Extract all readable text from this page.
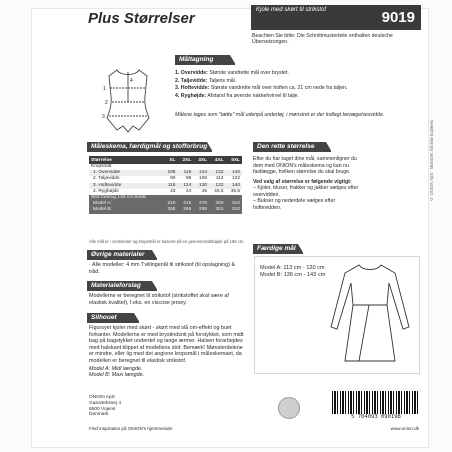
Plus Størrelser	Kjole med skørt til strikstof	9019
Beachten Sie bitte: Die Schnittmusterteile enthalten deutsche Übersetzungen.
Måltagning
1
2
3
4
1. Overvidde: Største vandrette mål over brystet.
2. Taljevidde: Taljens mål.
3. Hoftevidde: Største vandrette mål over hoften ca. 21 cm nede fra taljen.
4. Ryghøjde: Afstand fra øverste nakkehvirvel til talje.
Målene tages som "tætte" mål udenpå undertøj, i mønstret er der indlagt bevægelsesvidde.
Måleskema, færdigmål og stofforbrug
Størrelse	XL	2XL	3XL	4XL	5XL
Kropsmål:					
1. Overvidde	106	116	124	132	140
2. Taljevidde	90	98	106	114	122
3. Hoftevidde	116	124	130	132	140
4. Ryghøjde	43	44	45	45,5	46,5
Stof forbrug 140 cm bredt:					
Model A:	210	215	270	300	310
Model B:	255	265	295	301	310
Alle mål er i centimeter og kropsmål er baseret på en gennemsnitshøjde på 168 cm.
Den rette størrelse
Efter du har taget dine mål, sammenligner du dem med ONION's måleskema og kan nu fastlægge, hvilken størrelse du skal bruge.
Ved valg af størrelse er følgende vigtigt:
– Kjoler, bluser, frakker og jakker vælges efter overvidden.
– Bukser og nederdele vælges efter hoftevidden.
Øvrige materialer
· Alle modeller: 4 mm Tvillingenål til strikstof (til opslagning) & tråd.
Materialeforslag
Modellerne er beregnet til strikstof (strikstoffet skal være af elastisk kvalitet), f.eks. en viscose jersey.
Silhouet
Figursyet kjoler med skørt - skørt med slå om-effekt og buet forkanter. Modellerne er med brystindsnit på forstykket, som midt bag på bagstykket underdel og lange ærmer. Halsen forarbejdes med halskant klippet af modellens stof. Bemærk! Mønsterdelene er mindre, eller lig med det angivne kropsmål i måleskemaet, da modellen er beregnet til elastisk strikstof.
Model A: Midi længde.
Model B: Maxi længde.
Færdige mål
Model A: 113 cm - 120 cm
Model B: 136 cm - 143 cm
ONION ApS
Gasværksvej 4
6500 Vojens
Denmark
Find inspiration på ONION's hjemmeside:	www.onion.dk
5 704093 090198
© ONION ApS · Mønstret må ikke kopieres
